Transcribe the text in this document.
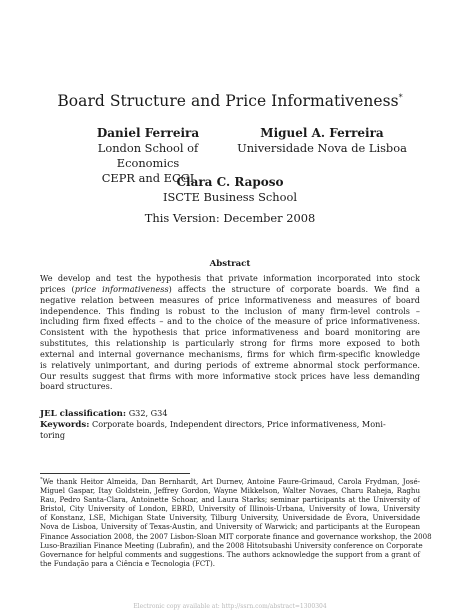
Board Structure and Price Informativeness*
Daniel Ferreira
London School of Economics
CEPR and ECGI
Miguel A. Ferreira
Universidade Nova de Lisboa
Clara C. Raposo
ISCTE Business School
This Version: December 2008
Abstract
We develop and test the hypothesis that private information incorporated into stock
prices (price informativeness) affects the structure of corporate boards. We find a
negative relation between measures of price informativeness and measures of board
independence. This finding is robust to the inclusion of many firm-level controls –
including firm fixed effects – and to the choice of the measure of price informativeness.
Consistent with the hypothesis that price informativeness and board monitoring are
substitutes, this relationship is particularly strong for firms more exposed to both
external and internal governance mechanisms, firms for which firm-specific knowledge
is relatively unimportant, and during periods of extreme abnormal stock performance.
Our results suggest that firms with more informative stock prices have less demanding
board structures.
JEL classification: G32, G34
Keywords: Corporate boards, Independent directors, Price informativeness, Moni-
toring
*We thank Heitor Almeida, Dan Bernhardt, Art Durnev, Antoine Faure-Grimaud, Carola Frydman, José-
Miguel Gaspar, Itay Goldstein, Jeffrey Gordon, Wayne Mikkelson, Walter Novaes, Charu Raheja, Raghu
Rau, Pedro Santa-Clara, Antoinette Schoar, and Laura Starks; seminar participants at the University of
Bristol, City University of London, EBRD, University of Illinois-Urbana, University of Iowa, University
of Konstanz, LSE, Michigan State University, Tilburg University, Universidade de Évora, Universidade
Nova de Lisboa, University of Texas-Austin, and University of Warwick; and participants at the European
Finance Association 2008, the 2007 Lisbon-Sloan MIT corporate finance and governance workshop, the 2008
Luso-Brazilian Finance Meeting (Lubrafin), and the 2008 Hitotsubashi University conference on Corporate
Governance for helpful comments and suggestions. The authors acknowledge the support from a grant of
the Fundação para a Ciência e Tecnologia (FCT).
Electronic copy available at: http://ssrn.com/abstract=1300304
